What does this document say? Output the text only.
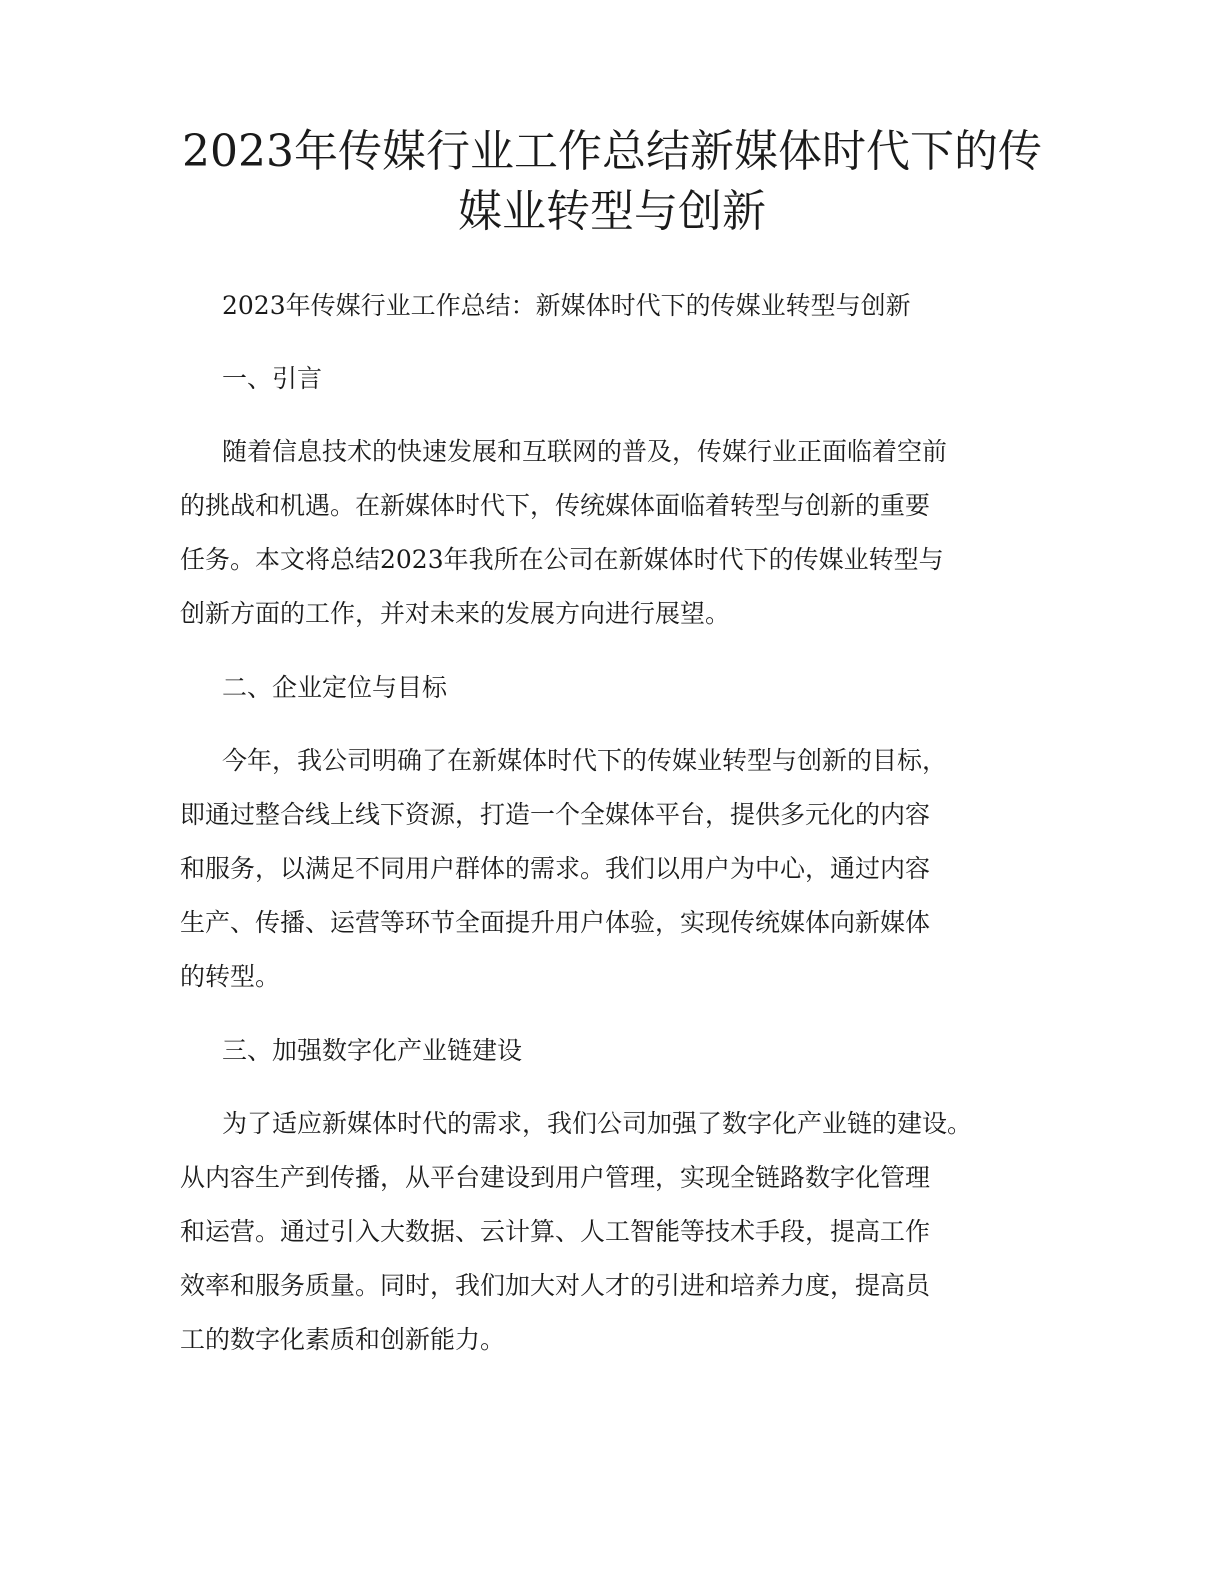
2023年传媒行业工作总结新媒体时代下的传
媒业转型与创新

2023年传媒行业工作总结：新媒体时代下的传媒业转型与创新

一、引言

随着信息技术的快速发展和互联网的普及，传媒行业正面临着空前
的挑战和机遇。在新媒体时代下，传统媒体面临着转型与创新的重要
任务。本文将总结2023年我所在公司在新媒体时代下的传媒业转型与
创新方面的工作，并对未来的发展方向进行展望。

二、企业定位与目标

今年，我公司明确了在新媒体时代下的传媒业转型与创新的目标，
即通过整合线上线下资源，打造一个全媒体平台，提供多元化的内容
和服务，以满足不同用户群体的需求。我们以用户为中心，通过内容
生产、传播、运营等环节全面提升用户体验，实现传统媒体向新媒体
的转型。

三、加强数字化产业链建设

为了适应新媒体时代的需求，我们公司加强了数字化产业链的建设。
从内容生产到传播，从平台建设到用户管理，实现全链路数字化管理
和运营。通过引入大数据、云计算、人工智能等技术手段，提高工作
效率和服务质量。同时，我们加大对人才的引进和培养力度，提高员
工的数字化素质和创新能力。
